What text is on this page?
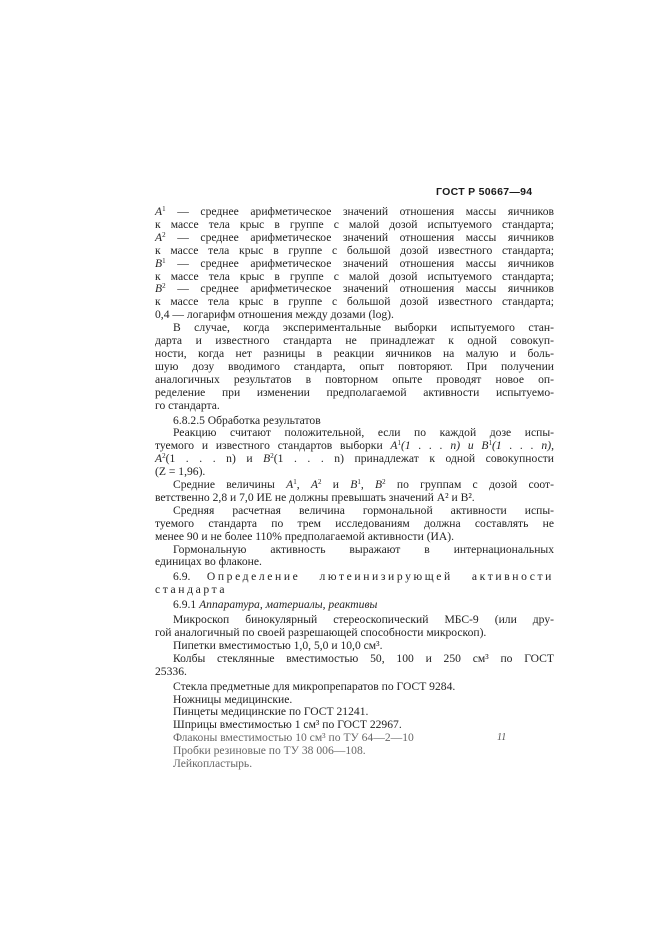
ГОСТ Р 50667—94
$A^1$ — среднее арифметическое значений отношения массы яичников
к массе тела крыс в группе с малой дозой испытуемого стандарта;
$A^2$ — среднее арифметическое значений отношения массы яичников
к массе тела крыс в группе с большой дозой известного стандарта;
$B^1$ — среднее арифметическое значений отношения массы яичников
к массе тела крыс в группе с малой дозой испытуемого стандарта;
$B^2$ — среднее арифметическое значений отношения массы яичников
к массе тела крыс в группе с большой дозой известного стандарта;
0,4 — логарифм отношения между дозами (log).
В случае, когда экспериментальные выборки испытуемого стан-
дарта и известного стандарта не принадлежат к одной совокуп-
ности, когда нет разницы в реакции яичников на малую и боль-
шую дозу вводимого стандарта, опыт повторяют. При получении
аналогичных результатов в повторном опыте проводят новое оп-
ределение при изменении предполагаемой активности испытуемо-
го стандарта.
6.8.2.5 Обработка результатов
Реакцию считают положительной, если по каждой дозе испы-
туемого и известного стандартов выборки $A^1(1$ . . . n) и $B^1(1$ . . . n),
$A^2(1$ . . . n) и $B^2(1$ . . . n) принадлежат к одной совокупности
(Z = 1,96).
Средние величины $A^1$, $A^2$ и $B^1$, $B^2$ по группам с дозой соот-
ветственно 2,8 и 7,0 ИЕ не должны превышать значений A² и B².
Средняя расчетная величина гормональной активности испы-
туемого стандарта по трем исследованиям должна составлять не
менее 90 и не более 110% предполагаемой активности (ИА).
Гормональную активность выражают в интернациональных
единицах во флаконе.
6.9. Определение лютеинизирующей активности
стандарта
6.9.1 Аппаратура, материалы, реактивы
Микроскоп бинокулярный стереоскопический МБС-9 (или дру-
гой аналогичный по своей разрешающей способности микроскоп).
Пипетки вместимостью 1,0, 5,0 и 10,0 см³.
Колбы стеклянные вместимостью 50, 100 и 250 см³ по ГОСТ
25336.
Стекла предметные для микропрепаратов по ГОСТ 9284.
Ножницы медицинские.
Пинцеты медицинские по ГОСТ 21241.
Шприцы вместимостью 1 см³ по ГОСТ 22967.
Флаконы вместимостью 10 см³ по ТУ 64—2—10
Пробки резиновые по ТУ 38 006—108.
Лейкопластырь.
11
